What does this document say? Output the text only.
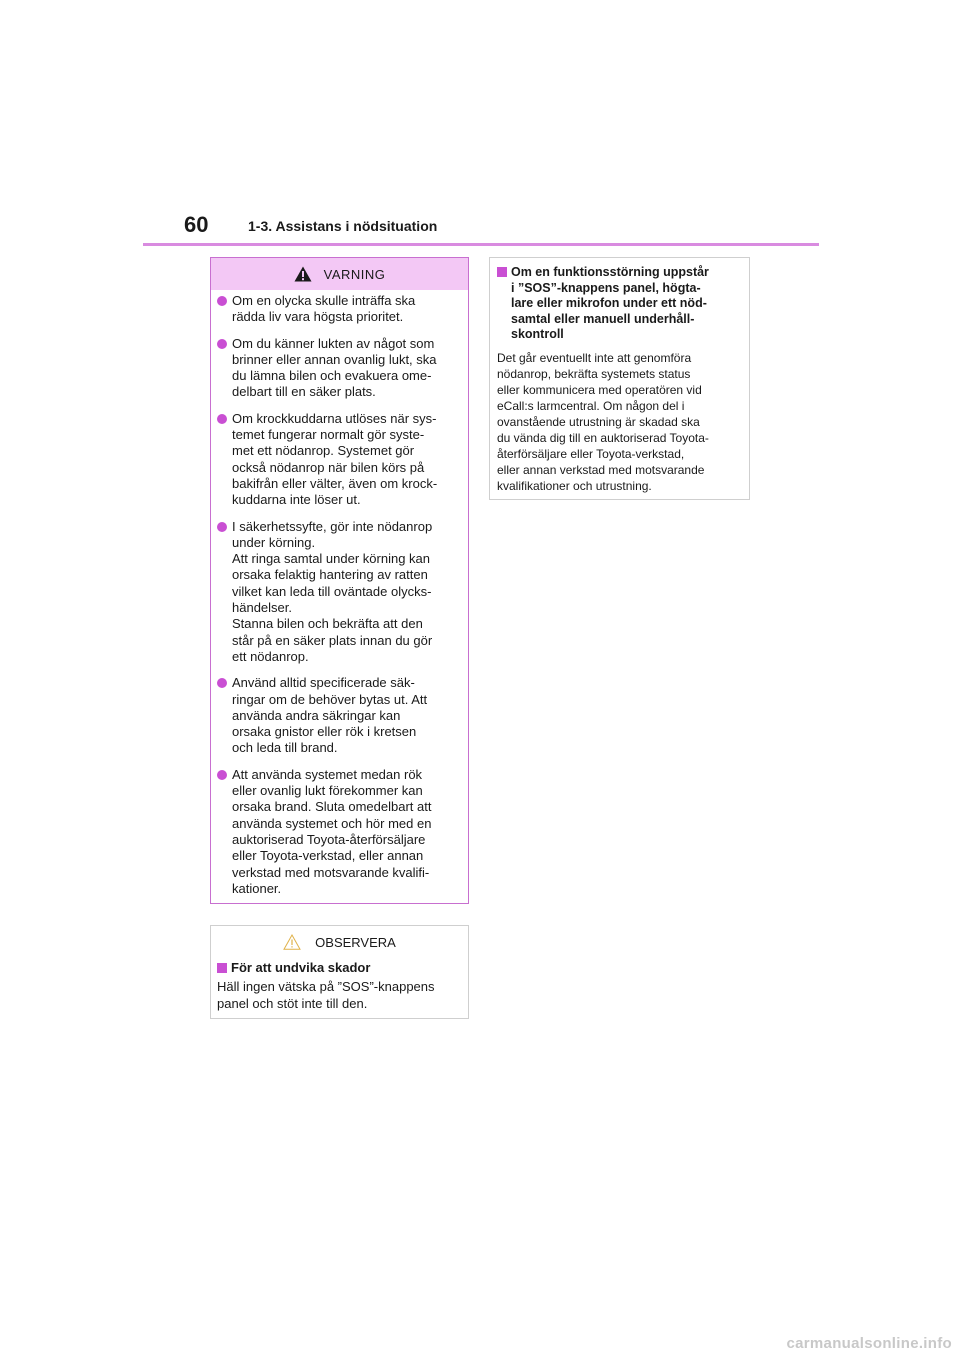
60	1-3. Assistans i nödsituation
VARNING
Om en olycka skulle inträffa ska
rädda liv vara högsta prioritet.
Om du känner lukten av något som
brinner eller annan ovanlig lukt, ska
du lämna bilen och evakuera ome-
delbart till en säker plats.
Om krockkuddarna utlöses när sys-
temet fungerar normalt gör syste-
met ett nödanrop. Systemet gör
också nödanrop när bilen körs på
bakifrån eller välter, även om krock-
kuddarna inte löser ut.
I säkerhetssyfte, gör inte nödanrop
under körning.
Att ringa samtal under körning kan
orsaka felaktig hantering av ratten
vilket kan leda till oväntade olycks-
händelser.
Stanna bilen och bekräfta att den
står på en säker plats innan du gör
ett nödanrop.
Använd alltid specificerade säk-
ringar om de behöver bytas ut. Att
använda andra säkringar kan
orsaka gnistor eller rök i kretsen
och leda till brand.
Att använda systemet medan rök
eller ovanlig lukt förekommer kan
orsaka brand. Sluta omedelbart att
använda systemet och hör med en
auktoriserad Toyota-återförsäljare
eller Toyota-verkstad, eller annan
verkstad med motsvarande kvalifi-
kationer.
OBSERVERA
För att undvika skador
Häll ingen vätska på ”SOS”-knappens panel och stöt inte till den.
Om en funktionsstörning uppstår
i ”SOS”-knappens panel, högta-
lare eller mikrofon under ett nöd-
samtal eller manuell underhåll-
skontroll
Det går eventuellt inte att genomföra
nödanrop, bekräfta systemets status
eller kommunicera med operatören vid
eCall:s larmcentral. Om någon del i
ovanstående utrustning är skadad ska
du vända dig till en auktoriserad Toyota-
återförsäljare eller Toyota-verkstad,
eller annan verkstad med motsvarande
kvalifikationer och utrustning.
carmanualsonline.info
